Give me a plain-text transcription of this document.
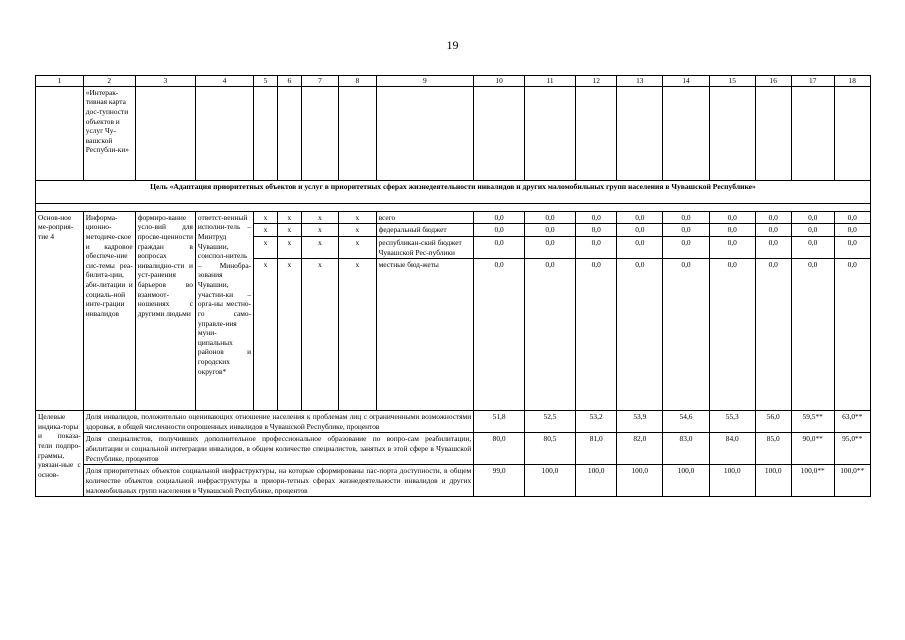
19
1	2	3	4	5	6	7	8	9	10	11	12	13	14	15	16	17	18
	«Интерак-тивная карта дос-тупности объектов и услуг Чу-вашской Республи-ки»																
Цель «Адаптация приоритетных объектов и услуг в приоритетных сферах жизнедеятельности инвалидов и других маломобильных групп населения в Чувашской Республике»																	

Основ-ное ме-роприя-тие 4	Информа-ционно-методиче-ское и кадровое обеспече-ние сис-темы реа-билита-ции, аби-литации и социаль-ной инте-грации инвалидов	формиро-вание усло-вий для просве-щенности граждан в вопросах инвалидно-сти и уст-ранения барьеров во взаимоот-ношениях с другими людьми	ответст-венный исполни-тель – Минтруд Чувашии, соиспол-нитель – Минобра-зования Чувашии, участни-ки – орга-ны местно-го само-управле-ния муни-ципальных районов и городских округов*	х	х	х	х	всего	0,0	0,0	0,0	0,0	0,0	0,0	0,0	0,0	0,0
				х	х	х	х	федеральный бюджет	0,0	0,0	0,0	0,0	0,0	0,0	0,0	0,0	0,0
				х	х	х	х	республикан-ский бюджет Чувашской Рес-публики	0,0	0,0	0,0	0,0	0,0	0,0	0,0	0,0	0,0
				х	х	х	х	местные бюд-жеты	0,0	0,0	0,0	0,0	0,0	0,0	0,0	0,0	0,0
Целевые индика-торы и показа-тели подпро-граммы, увязан-ные с основ-	Доля инвалидов, положительно оценивающих отношение населения к проблемам лиц с ограниченными возможностями здоровья, в общей численности опрошенных инвалидов в Чувашской Республике, процентов								51,8	52,5	53,2	53,9	54,6	55,3	56,0	59,5**	63,0**
	Доля специалистов, получивших дополнительное профессиональное образование по вопро-сам реабилитации, абилитации и социальной интеграции инвалидов, в общем количестве специалистов, занятых в этой сфере в Чувашской Республике, процентов								80,0	80,5	81,0	82,0	83,0	84,0	85,0	90,0**	95,0**
	Доля приоритетных объектов социальной инфраструктуры, на которые сформированы пас-порта доступности, в общем количестве объектов социальной инфраструктуры в приори-тетных сферах жизнедеятельности инвалидов и других маломобильных групп населения в Чувашской Республике, процентов								99,0	100,0	100,0	100,0	100,0	100,0	100,0	100,0**	100,0**
